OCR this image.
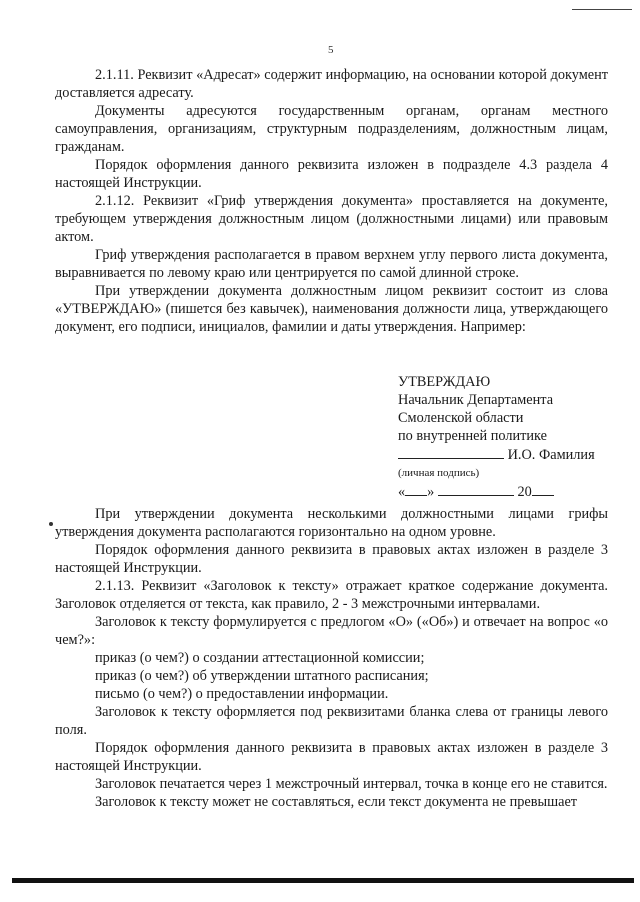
5

2.1.11. Реквизит «Адресат» содержит информацию, на основании которой документ доставляется адресату.

Документы адресуются государственным органам, органам местного самоуправления, организациям, структурным подразделениям, должностным лицам, гражданам.

Порядок оформления данного реквизита изложен в подразделе 4.3 раздела 4 настоящей Инструкции.

2.1.12. Реквизит «Гриф утверждения документа» проставляется на документе, требующем утверждения должностным лицом (должностными лицами) или правовым актом.

Гриф утверждения располагается в правом верхнем углу первого листа документа, выравнивается по левому краю или центрируется по самой длинной строке.

При утверждении документа должностным лицом реквизит состоит из слова «УТВЕРЖДАЮ» (пишется без кавычек), наименования должности лица, утверждающего документ, его подписи, инициалов, фамилии и даты утверждения. Например:

УТВЕРЖДАЮ
Начальник Департамента
Смоленской области
по внутренней политике
И.О. Фамилия
(личная подпись)
« »	20

При утверждении документа несколькими должностными лицами грифы утверждения документа располагаются горизонтально на одном уровне.

Порядок оформления данного реквизита в правовых актах изложен в разделе 3 настоящей Инструкции.

2.1.13. Реквизит «Заголовок к тексту» отражает краткое содержание документа. Заголовок отделяется от текста, как правило, 2 - 3 межстрочными интервалами.

Заголовок к тексту формулируется с предлогом «О» («Об») и отвечает на вопрос «о чем?»:

приказ (о чем?) о создании аттестационной комиссии;

приказ (о чем?) об утверждении штатного расписания;

письмо (о чем?) о предоставлении информации.

Заголовок к тексту оформляется под реквизитами бланка слева от границы левого поля.

Порядок оформления данного реквизита в правовых актах изложен в разделе 3 настоящей Инструкции.

Заголовок печатается через 1 межстрочный интервал, точка в конце его не ставится.

Заголовок к тексту может не составляться, если текст документа не превышает
